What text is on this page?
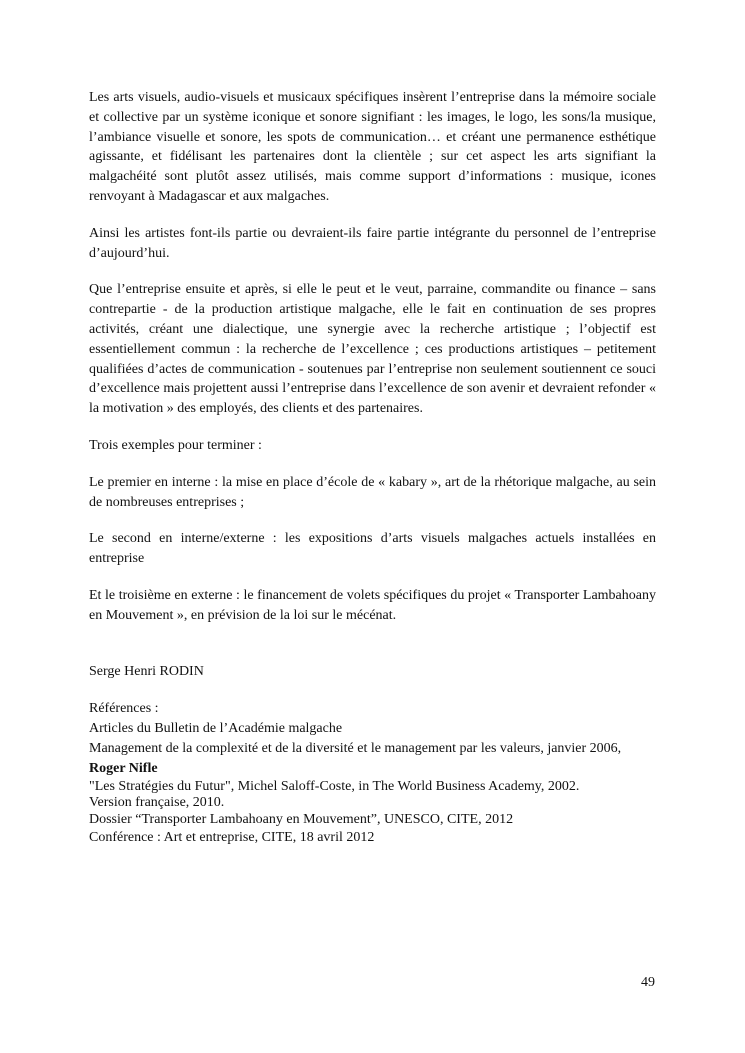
Les arts visuels, audio-visuels et musicaux spécifiques insèrent l’entreprise dans la mémoire sociale et collective par un système iconique et sonore signifiant : les images, le logo, les sons/la musique, l’ambiance visuelle et sonore, les spots de communication… et créant une permanence esthétique agissante, et fidélisant les partenaires dont la clientèle ; sur cet aspect les arts signifiant la malgachéité sont plutôt assez utilisés, mais comme support d’informations : musique, icones renvoyant à Madagascar et aux malgaches.

Ainsi les artistes font-ils partie ou devraient-ils faire partie intégrante du personnel de l’entreprise d’aujourd’hui.

Que l’entreprise ensuite et après, si elle le peut et le veut, parraine, commandite ou finance – sans contrepartie - de la production artistique malgache, elle le fait en continuation de ses propres activités, créant une dialectique, une synergie avec la recherche artistique ; l’objectif est essentiellement commun : la recherche de l’excellence ; ces productions artistiques – petitement qualifiées d’actes de communication - soutenues par l’entreprise non seulement soutiennent ce souci d’excellence mais projettent aussi l’entreprise dans l’excellence de son avenir et devraient refonder « la motivation » des employés, des clients et des partenaires.

Trois exemples pour terminer :

Le premier en interne : la mise en place d’école de « kabary », art de la rhétorique malgache, au sein de nombreuses entreprises ;

Le second en interne/externe : les expositions d’arts visuels malgaches actuels installées en entreprise

Et le troisième en externe : le financement de volets spécifiques du projet « Transporter Lambahoany en Mouvement », en prévision de la loi sur le mécénat.

Serge Henri RODIN

Références :

Articles du Bulletin de l’Académie malgache

Management de la complexité et de la diversité et le management par les valeurs, janvier 2006, Roger Nifle

"Les Stratégies du Futur", Michel Saloff-Coste, in The World Business Academy, 2002.

Version française, 2010.

Dossier “Transporter Lambahoany en Mouvement”, UNESCO, CITE, 2012

Conférence : Art et entreprise, CITE, 18 avril 2012

49
